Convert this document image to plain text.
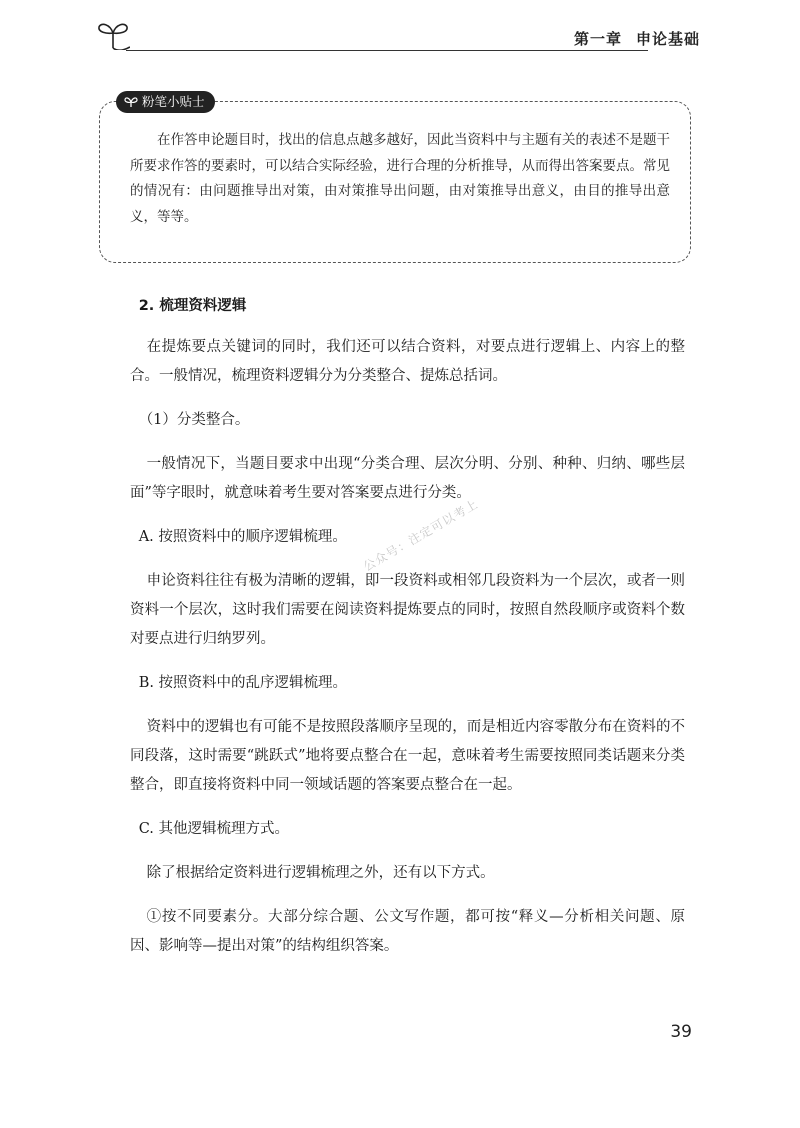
第一章 申论基础
粉笔小贴士

在作答申论题目时，找出的信息点越多越好，因此当资料中与主题有关的表述不是题干所要求作答的要素时，可以结合实际经验，进行合理的分析推导，从而得出答案要点。常见的情况有：由问题推导出对策，由对策推导出问题，由对策推导出意义，由目的推导出意义，等等。

2. 梳理资料逻辑

在提炼要点关键词的同时，我们还可以结合资料，对要点进行逻辑上、内容上的整合。一般情况，梳理资料逻辑分为分类整合、提炼总括词。

（1）分类整合。

一般情况下，当题目要求中出现“分类合理、层次分明、分别、种种、归纳、哪些层面”等字眼时，就意味着考生要对答案要点进行分类。

A. 按照资料中的顺序逻辑梳理。

申论资料往往有极为清晰的逻辑，即一段资料或相邻几段资料为一个层次，或者一则资料一个层次，这时我们需要在阅读资料提炼要点的同时，按照自然段顺序或资料个数对要点进行归纳罗列。

B. 按照资料中的乱序逻辑梳理。

资料中的逻辑也有可能不是按照段落顺序呈现的，而是相近内容零散分布在资料的不同段落，这时需要“跳跃式”地将要点整合在一起，意味着考生需要按照同类话题来分类整合，即直接将资料中同一领域话题的答案要点整合在一起。

C. 其他逻辑梳理方式。

除了根据给定资料进行逻辑梳理之外，还有以下方式。

①按不同要素分。大部分综合题、公文写作题，都可按“释义—分析相关问题、原因、影响等—提出对策”的结构组织答案。

公众号：注定可以考上
39
